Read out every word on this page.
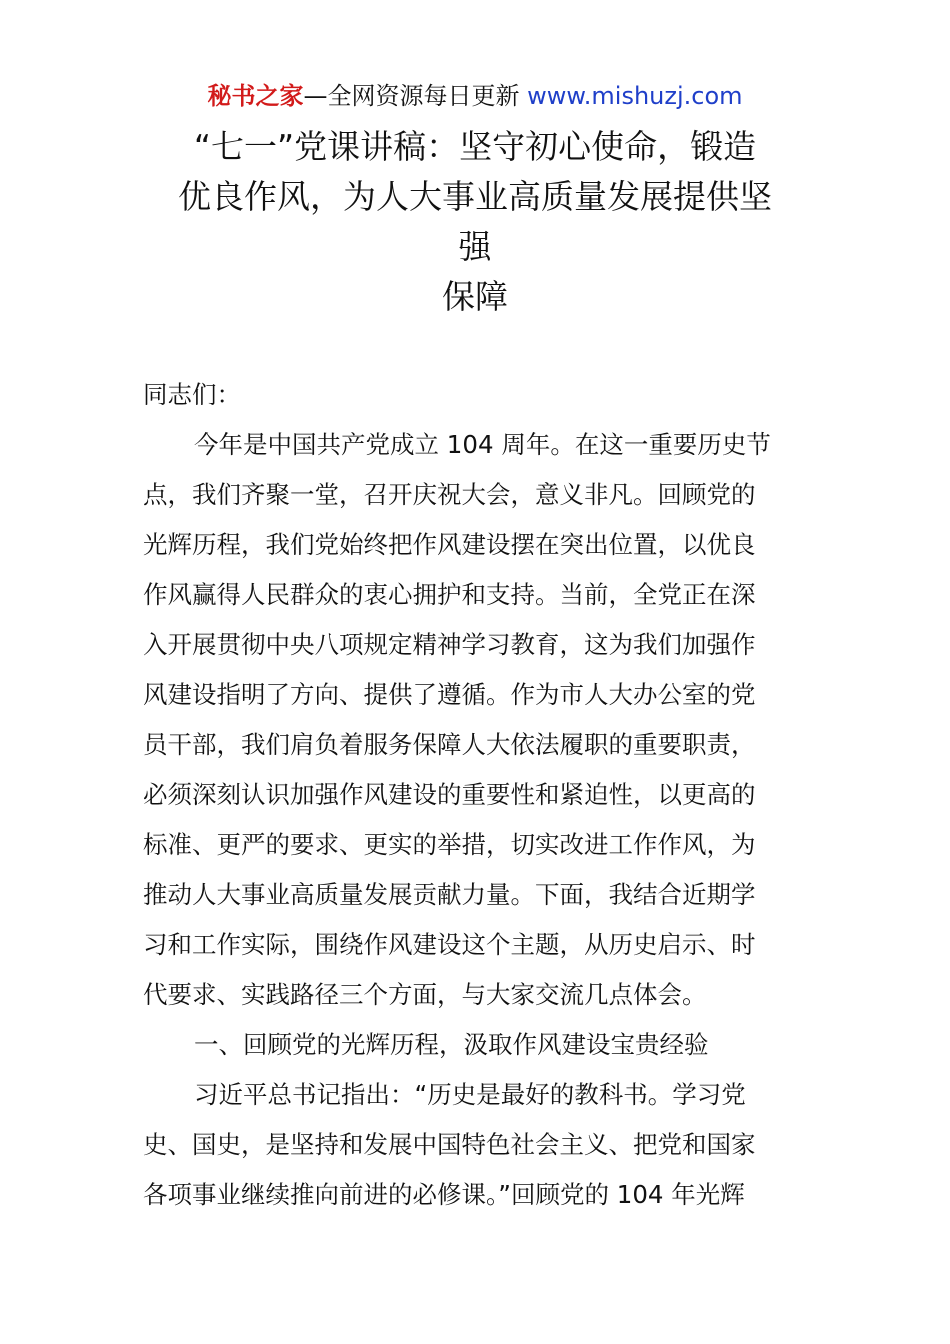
秘书之家—全网资源每日更新 www.mishuzj.com
“七一”党课讲稿：坚守初心使命，锻造
优良作风，为人大事业高质量发展提供坚
强
保障
同志们：
今年是中国共产党成立 104 周年。在这一重要历史节
点，我们齐聚一堂，召开庆祝大会，意义非凡。回顾党的
光辉历程，我们党始终把作风建设摆在突出位置，以优良
作风赢得人民群众的衷心拥护和支持。当前，全党正在深
入开展贯彻中央八项规定精神学习教育，这为我们加强作
风建设指明了方向、提供了遵循。作为市人大办公室的党
员干部，我们肩负着服务保障人大依法履职的重要职责，
必须深刻认识加强作风建设的重要性和紧迫性，以更高的
标准、更严的要求、更实的举措，切实改进工作作风，为
推动人大事业高质量发展贡献力量。下面，我结合近期学
习和工作实际，围绕作风建设这个主题，从历史启示、时
代要求、实践路径三个方面，与大家交流几点体会。
一、回顾党的光辉历程，汲取作风建设宝贵经验
习近平总书记指出：“历史是最好的教科书。学习党
史、国史，是坚持和发展中国特色社会主义、把党和国家
各项事业继续推向前进的必修课。”回顾党的 104 年光辉
